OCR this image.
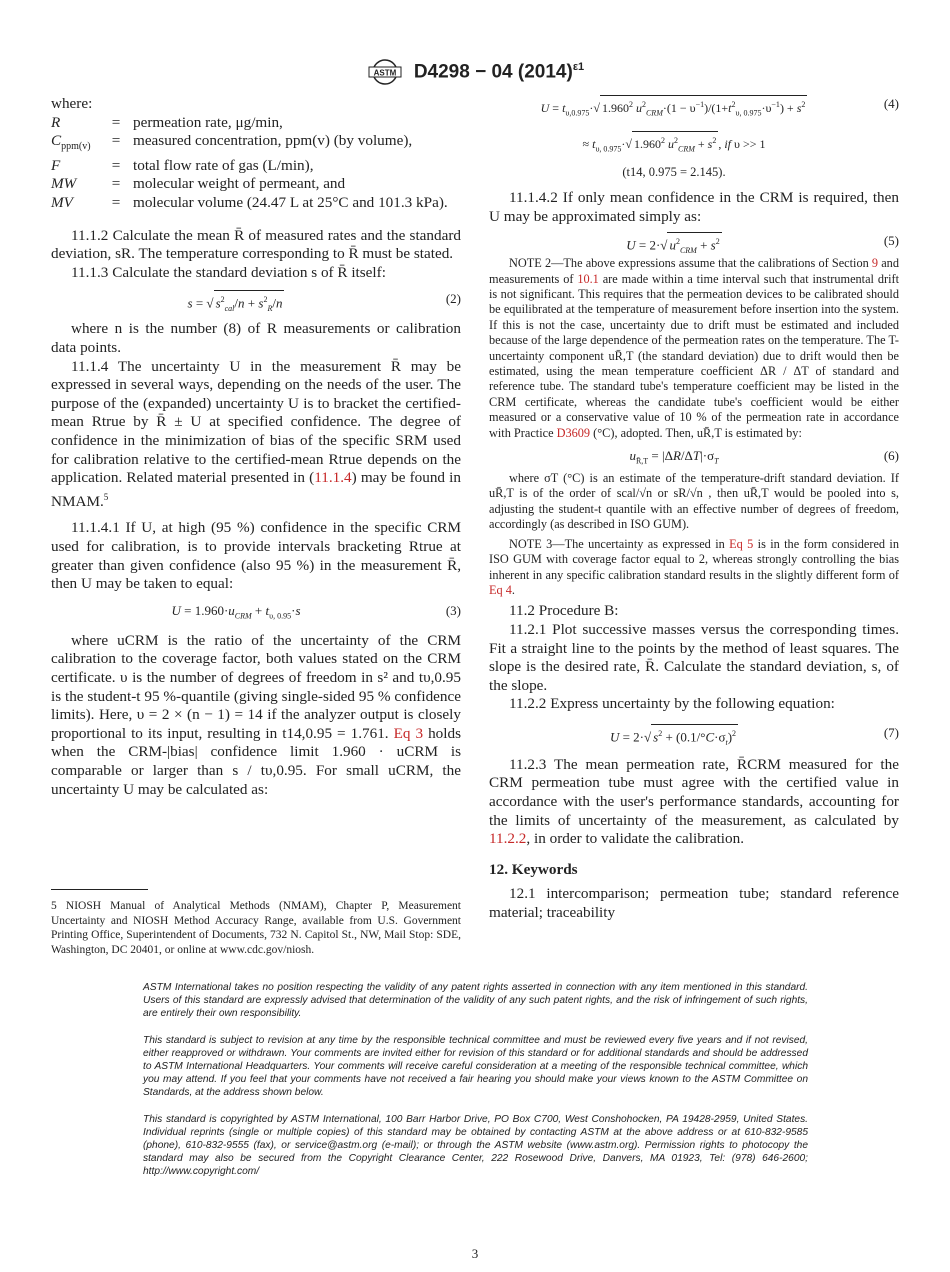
ASTM D4298 − 04 $(2014)^{\varepsilon 1}$

where:

R	=	permeation rate, μg/min,
$C_{ppm(v)}$	=	measured concentration, ppm(v) (by volume),
F	=	total flow rate of gas (L/min),
MW	=	molecular weight of permeant, and
MV	=	molecular volume (24.47 L at 25°C and 101.3 kPa).

11.1.2 Calculate the mean R̄ of measured rates and the standard deviation, sR. The temperature corresponding to R̄ must be stated.

11.1.3 Calculate the standard deviation s of R̄ itself:

s = √ $s^2_{cal}/n + s^2_R/n$	(2)

where n is the number (8) of R measurements or calibration data points.

11.1.4 The uncertainty U in the measurement R̄ may be expressed in several ways, depending on the needs of the user. The purpose of the (expanded) uncertainty U is to bracket the certified-mean Rtrue by R̄ ± U at specified confidence. The degree of confidence in the minimization of bias of the specific SRM used for calibration relative to the certified-mean Rtrue depends on the application. Related material presented in (11.1.4) may be found in NMAM.$^5$

11.1.4.1 If U, at high (95 %) confidence in the specific CRM used for calibration, is to provide intervals bracketing Rtrue at greater than given confidence (also 95 %) in the measurement R̄, then U may be taken to equal:

$U = 1.960\cdot u_{CRM} + t_{\upsilon, 0.95}\cdot s$	(3)

where uCRM is the ratio of the uncertainty of the CRM calibration to the coverage factor, both values stated on the CRM certificate. υ is the number of degrees of freedom in s² and tυ,0.95 is the student-t 95 %-quantile (giving single-sided 95 % confidence limits). Here, υ = 2 × (n − 1) = 14 if the analyzer output is closely proportional to its input, resulting in t14,0.95 = 1.761. Eq 3 holds when the CRM-|bias| confidence limit 1.960 · uCRM is comparable or larger than s / tυ,0.95. For small uCRM, the uncertainty U may be calculated as:

5 NIOSH Manual of Analytical Methods (NMAM), Chapter P, Measurement Uncertainty and NIOSH Method Accuracy Range, available from U.S. Government Printing Office, Superintendent of Documents, 732 N. Capitol St., NW, Mail Stop: SDE, Washington, DC 20401, or online at www.cdc.gov/niosh.

$U = t_{\upsilon,0.975}\cdot√$ 1.960$^2$ $u^2_{CRM}\cdot(1 - \upsilon^{-1})/(1+t^2_{\upsilon, 0.975}\cdot\upsilon^{-1}) + s^2$	(4)
≈ $t_{\upsilon, 0.975}\cdot√$ 1.960$^2$ $u^2_{CRM} + s^2$ , if υ >> 1
(t14, 0.975 = 2.145).

11.1.4.2 If only mean confidence in the CRM is required, then U may be approximated simply as:

U = 2·√ $u^2_{CRM} + s^2$	(5)

NOTE 2—The above expressions assume that the calibrations of Section 9 and measurements of 10.1 are made within a time interval such that instrumental drift is not significant. This requires that the permeation devices to be calibrated should be equilibrated at the temperature of measurement before insertion into the system. If this is not the case, uncertainty due to drift must be estimated and included because of the large dependence of the permeation rates on the temperature. The T-uncertainty component uR̄,T (the standard deviation) due to drift would then be estimated, using the mean temperature coefficient ΔR / ΔT of standard and reference tube. The standard tube's temperature coefficient may be listed in the CRM certificate, whereas the candidate tube's coefficient would be either measured or a conservative value of 10 % of the permeation rate in accordance with Practice D3609 (°C), adopted. Then, uR̄,T is estimated by:

$u_{R̄,T} = |\Delta R/\Delta T|\cdot\sigma_T$	(6)

where σT (°C) is an estimate of the temperature-drift standard deviation. If uR̄,T is of the order of scal/√n or sR/√n , then uR̄,T would be pooled into s, adjusting the student-t quantile with an effective number of degrees of freedom, accordingly (as described in ISO GUM).

NOTE 3—The uncertainty as expressed in Eq 5 is in the form considered in ISO GUM with coverage factor equal to 2, whereas strongly controlling the bias inherent in any specific calibration standard results in the slightly different form of Eq 4.

11.2 Procedure B:

11.2.1 Plot successive masses versus the corresponding times. Fit a straight line to the points by the method of least squares. The slope is the desired rate, R̄. Calculate the standard deviation, s, of the slope.

11.2.2 Express uncertainty by the following equation:

U = 2·√ $s^2 + (0.1/^\circ C\cdot\sigma_t)^2$	(7)

11.2.3 The mean permeation rate, R̄CRM measured for the CRM permeation tube must agree with the certified value in accordance with the user's performance standards, accounting for the limits of uncertainty of the measurement, as calculated by 11.2.2, in order to validate the calibration.

12. Keywords

12.1 intercomparison; permeation tube; standard reference material; traceability

ASTM International takes no position respecting the validity of any patent rights asserted in connection with any item mentioned in this standard. Users of this standard are expressly advised that determination of the validity of any such patent rights, and the risk of infringement of such rights, are entirely their own responsibility.

This standard is subject to revision at any time by the responsible technical committee and must be reviewed every five years and if not revised, either reapproved or withdrawn. Your comments are invited either for revision of this standard or for additional standards and should be addressed to ASTM International Headquarters. Your comments will receive careful consideration at a meeting of the responsible technical committee, which you may attend. If you feel that your comments have not received a fair hearing you should make your views known to the ASTM Committee on Standards, at the address shown below.

This standard is copyrighted by ASTM International, 100 Barr Harbor Drive, PO Box C700, West Conshohocken, PA 19428-2959, United States. Individual reprints (single or multiple copies) of this standard may be obtained by contacting ASTM at the above address or at 610-832-9585 (phone), 610-832-9555 (fax), or service@astm.org (e-mail); or through the ASTM website (www.astm.org). Permission rights to photocopy the standard may also be secured from the Copyright Clearance Center, 222 Rosewood Drive, Danvers, MA 01923, Tel: (978) 646-2600; http://www.copyright.com/

3
